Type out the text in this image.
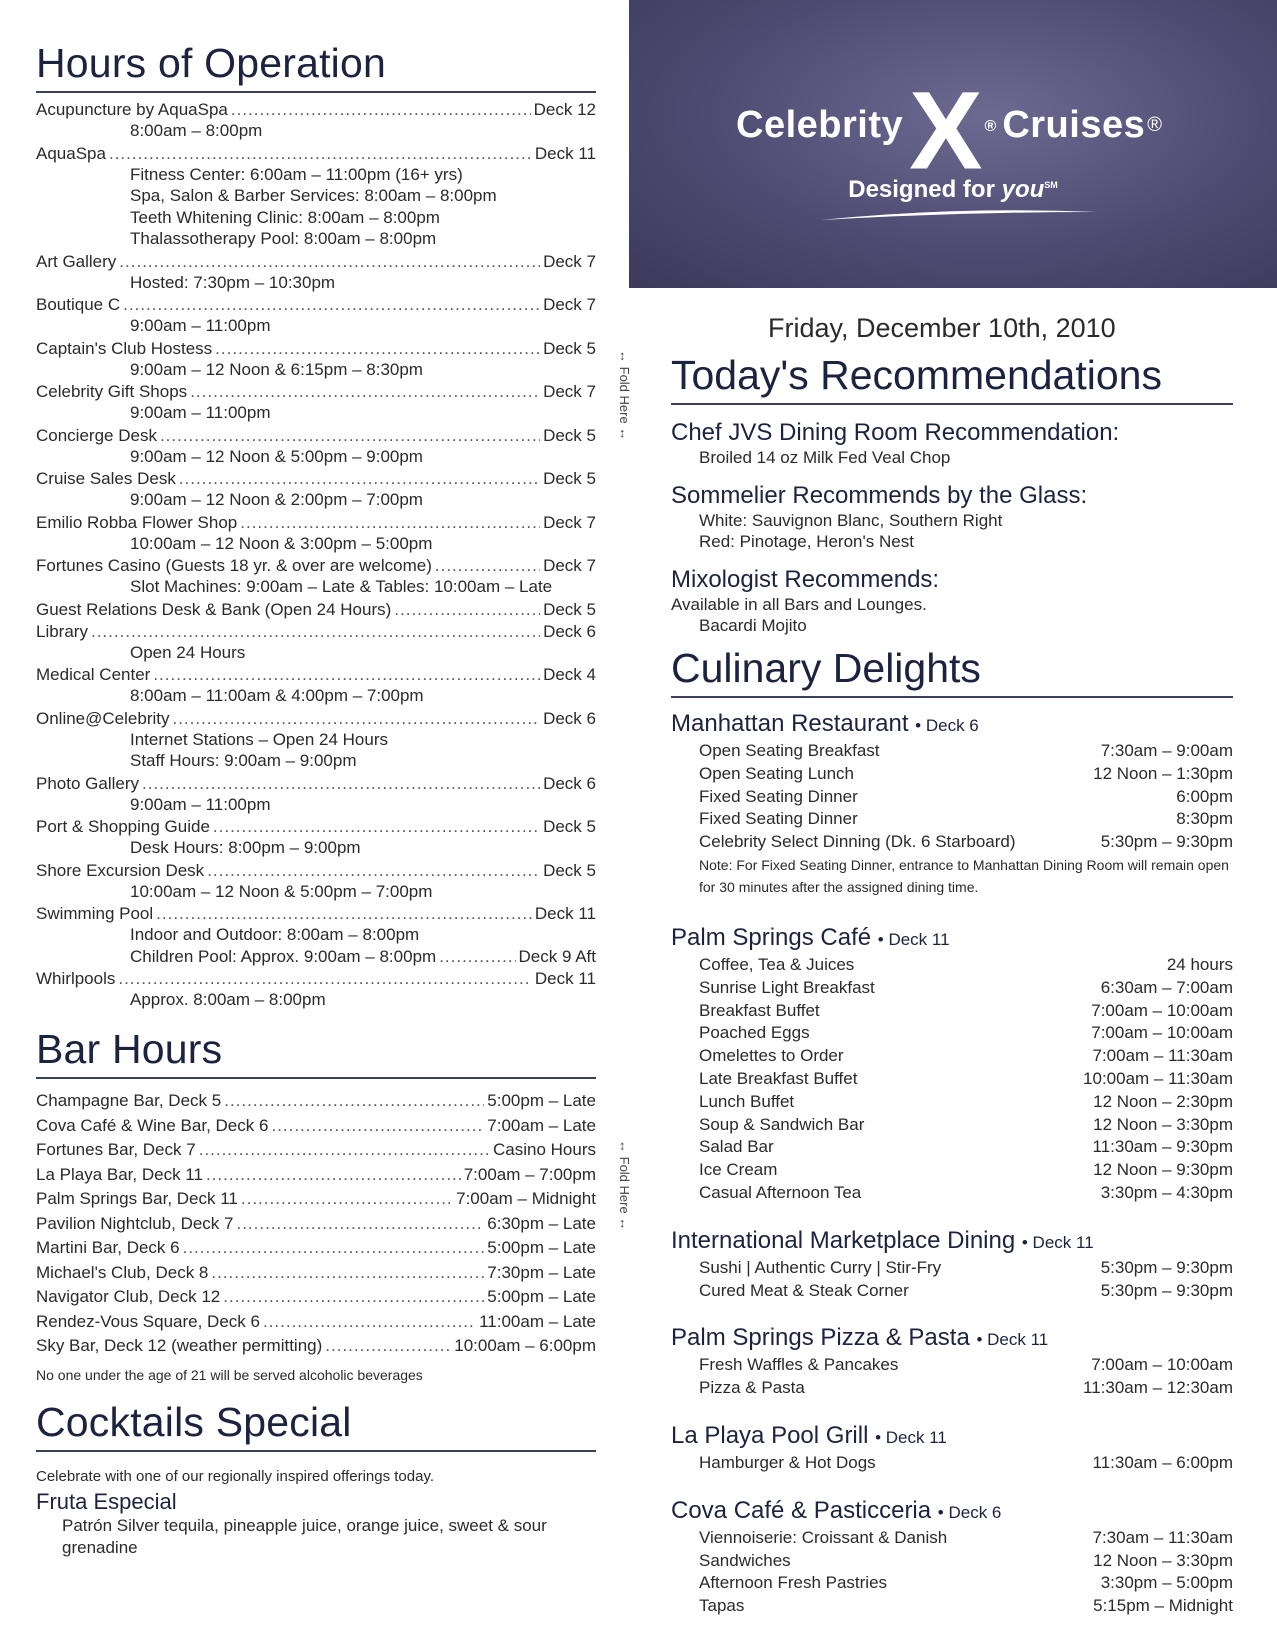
Hours of Operation
Acupuncture by AquaSpa .....	Deck 12
8:00am – 8:00pm
AquaSpa .....	Deck 11
Fitness Center: 6:00am – 11:00pm (16+ yrs)
Spa, Salon & Barber Services: 8:00am – 8:00pm
Teeth Whitening Clinic: 8:00am – 8:00pm
Thalassotherapy Pool: 8:00am – 8:00pm
Art Gallery .....	Deck 7
Hosted: 7:30pm – 10:30pm
Boutique C .....	Deck 7
9:00am – 11:00pm
Captain's Club Hostess .....	Deck 5
9:00am – 12 Noon & 6:15pm – 8:30pm
Celebrity Gift Shops .....	Deck 7
9:00am – 11:00pm
Concierge Desk .....	Deck 5
9:00am – 12 Noon & 5:00pm – 9:00pm
Cruise Sales Desk .....	Deck 5
9:00am – 12 Noon & 2:00pm – 7:00pm
Emilio Robba Flower Shop .....	Deck 7
10:00am – 12 Noon & 3:00pm – 5:00pm
Fortunes Casino (Guests 18 yr. & over are welcome) .....	Deck 7
Slot Machines: 9:00am – Late & Tables: 10:00am – Late
Guest Relations Desk & Bank (Open 24 Hours) .....	Deck 5
Library .....	Deck 6
Open 24 Hours
Medical Center .....	Deck 4
8:00am – 11:00am & 4:00pm – 7:00pm
Online@Celebrity .....	Deck 6
Internet Stations – Open 24 Hours
Staff Hours: 9:00am – 9:00pm
Photo Gallery .....	Deck 6
9:00am – 11:00pm
Port & Shopping Guide .....	Deck 5
Desk Hours: 8:00pm – 9:00pm
Shore Excursion Desk .....	Deck 5
10:00am – 12 Noon & 5:00pm – 7:00pm
Swimming Pool .....	Deck 11
Indoor and Outdoor: 8:00am – 8:00pm
Children Pool: Approx. 9:00am – 8:00pm .....	Deck 9 Aft
Whirlpools .....	Deck 11
Approx. 8:00am – 8:00pm
Bar Hours
Champagne Bar, Deck 5 .....	5:00pm – Late
Cova Café & Wine Bar, Deck 6 .....	7:00am – Late
Fortunes Bar, Deck 7 .....	Casino Hours
La Playa Bar, Deck 11 .....	7:00am – 7:00pm
Palm Springs Bar, Deck 11 .....	7:00am – Midnight
Pavilion Nightclub, Deck 7 .....	6:30pm – Late
Martini Bar, Deck 6 .....	5:00pm – Late
Michael's Club, Deck 8 .....	7:30pm – Late
Navigator Club, Deck 12 .....	5:00pm – Late
Rendez-Vous Square, Deck 6 .....	11:00am – Late
Sky Bar, Deck 12 (weather permitting) .....	10:00am – 6:00pm
No one under the age of 21 will be served alcoholic beverages
Cocktails Special
Celebrate with one of our regionally inspired offerings today.
Fruta Especial
Patrón Silver tequila, pineapple juice, orange juice, sweet & sour grenadine
Celebrity X ® Cruises ®
Designed for you℠
Friday, December 10th, 2010
↔ Fold Here ↔
↔ Fold Here ↔
Today's Recommendations
Chef JVS Dining Room Recommendation:
Broiled 14 oz Milk Fed Veal Chop
Sommelier Recommends by the Glass:
White: Sauvignon Blanc, Southern Right
Red: Pinotage, Heron's Nest
Mixologist Recommends:
Available in all Bars and Lounges.
Bacardi Mojito
Culinary Delights
Manhattan Restaurant • Deck 6
Open Seating Breakfast	7:30am – 9:00am
Open Seating Lunch	12 Noon – 1:30pm
Fixed Seating Dinner	6:00pm
Fixed Seating Dinner	8:30pm
Celebrity Select Dinning (Dk. 6 Starboard)	5:30pm – 9:30pm
Note: For Fixed Seating Dinner, entrance to Manhattan Dining Room will remain open for 30 minutes after the assigned dining time.
Palm Springs Café • Deck 11
Coffee, Tea & Juices	24 hours
Sunrise Light Breakfast	6:30am – 7:00am
Breakfast Buffet	7:00am – 10:00am
Poached Eggs	7:00am – 10:00am
Omelettes to Order	7:00am – 11:30am
Late Breakfast Buffet	10:00am – 11:30am
Lunch Buffet	12 Noon – 2:30pm
Soup & Sandwich Bar	12 Noon – 3:30pm
Salad Bar	11:30am – 9:30pm
Ice Cream	12 Noon – 9:30pm
Casual Afternoon Tea	3:30pm – 4:30pm
International Marketplace Dining • Deck 11
Sushi | Authentic Curry | Stir-Fry	5:30pm – 9:30pm
Cured Meat & Steak Corner	5:30pm – 9:30pm
Palm Springs Pizza & Pasta • Deck 11
Fresh Waffles & Pancakes	7:00am – 10:00am
Pizza & Pasta	11:30am – 12:30am
La Playa Pool Grill • Deck 11
Hamburger & Hot Dogs	11:30am – 6:00pm
Cova Café & Pasticceria • Deck 6
Viennoiserie: Croissant & Danish	7:30am – 11:30am
Sandwiches	12 Noon – 3:30pm
Afternoon Fresh Pastries	3:30pm – 5:00pm
Tapas	5:15pm – Midnight
